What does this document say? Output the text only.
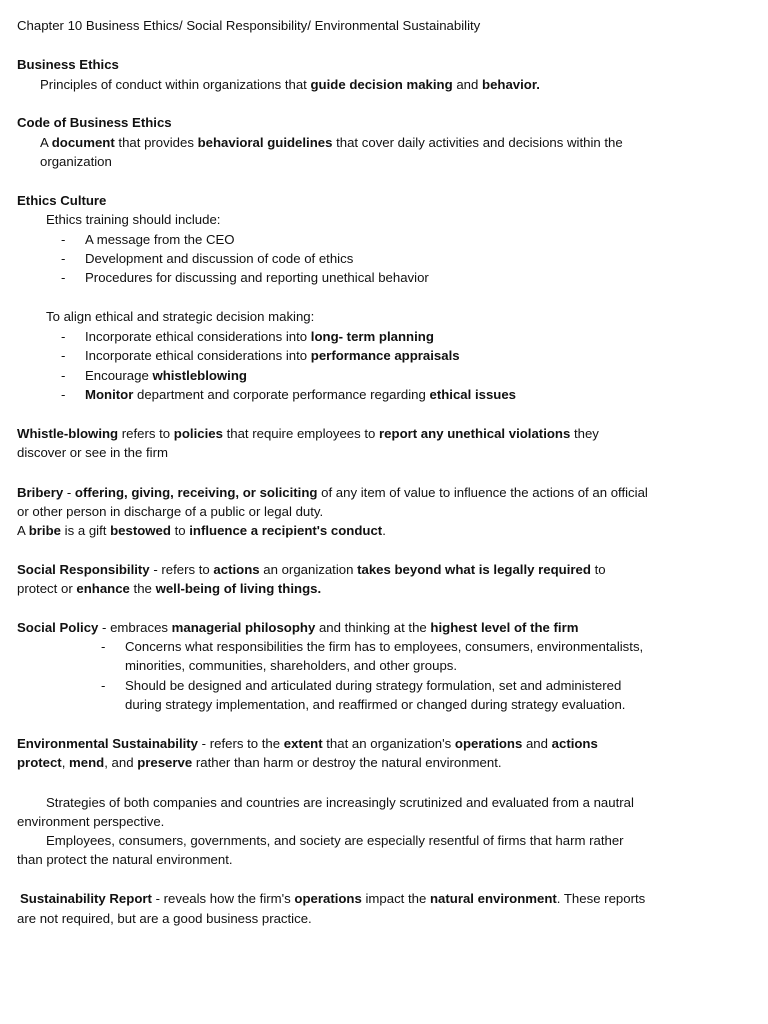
Chapter 10 Business Ethics/ Social Responsibility/ Environmental Sustainability
Business Ethics
Principles of conduct within organizations that guide decision making and behavior.
Code of Business Ethics
A document that provides behavioral guidelines that cover daily activities and decisions within the
organization
Ethics Culture
Ethics training should include:
- A message from the CEO
- Development and discussion of code of ethics
- Procedures for discussing and reporting unethical behavior
To align ethical and strategic decision making:
- Incorporate ethical considerations into long- term planning
- Incorporate ethical considerations into performance appraisals
- Encourage whistleblowing
- Monitor department and corporate performance regarding ethical issues
Whistle-blowing refers to policies that require employees to report any unethical violations they
discover or see in the firm
Bribery - offering, giving, receiving, or soliciting of any item of value to influence the actions of an official
or other person in discharge of a public or legal duty.
A bribe is a gift bestowed to influence a recipient's conduct.
Social Responsibility - refers to actions an organization takes beyond what is legally required to
protect or enhance the well-being of living things.
Social Policy - embraces managerial philosophy and thinking at the highest level of the firm
- Concerns what responsibilities the firm has to employees, consumers, environmentalists,
minorities, communities, shareholders, and other groups.
- Should be designed and articulated during strategy formulation, set and administered
during strategy implementation, and reaffirmed or changed during strategy evaluation.
Environmental Sustainability - refers to the extent that an organization's operations and actions
protect, mend, and preserve rather than harm or destroy the natural environment.
Strategies of both companies and countries are increasingly scrutinized and evaluated from a nautral
environment perspective.
Employees, consumers, governments, and society are especially resentful of firms that harm rather
than protect the natural environment.
Sustainability Report - reveals how the firm's operations impact the natural environment. These reports
are not required, but are a good business practice.
